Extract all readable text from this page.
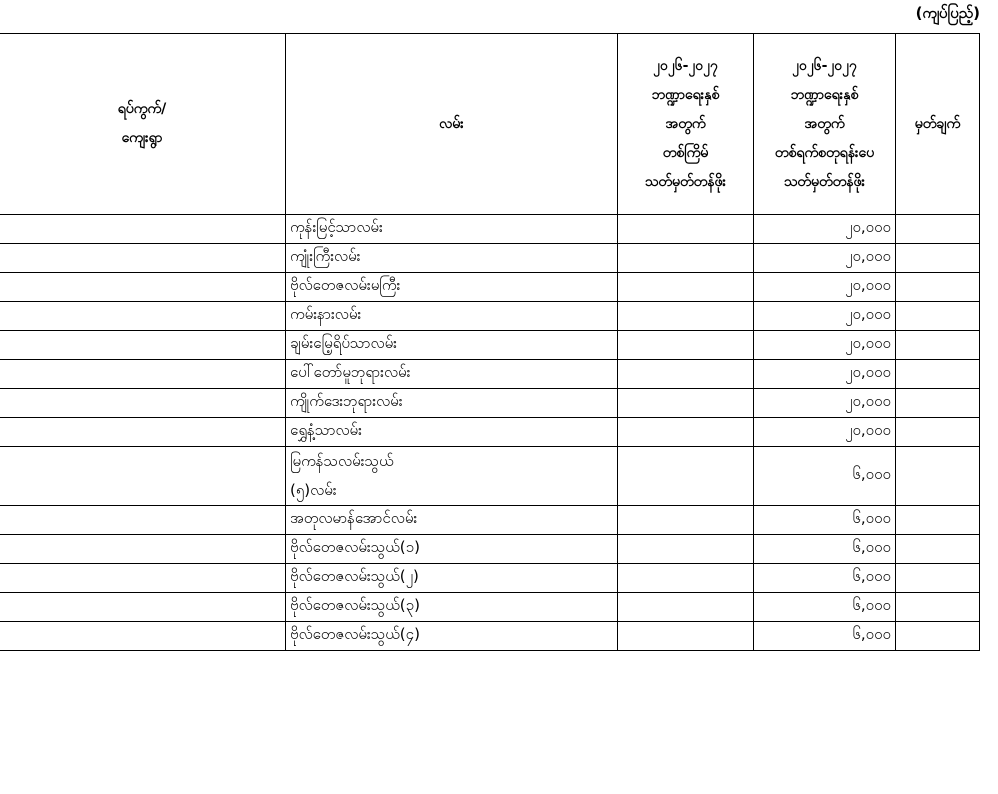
(ကျပ်ပြည့်)
ရပ်ကွက်/
ကျေးရွာ	လမ်း	၂၀၂၆-၂၀၂၇
ဘဏ္ဍာရေးနှစ်
အတွက်
တစ်ကြိမ်
သတ်မှတ်တန်ဖိုး	၂၀၂၆-၂၀၂၇
ဘဏ္ဍာရေးနှစ်
အတွက်
တစ်ရက်စတုရန်းပေ
သတ်မှတ်တန်ဖိုး	မှတ်ချက်
	ကုန်းမြင့်သာလမ်း		၂၀,၀၀၀	
	ကျုံးကြီးလမ်း		၂၀,၀၀၀	
	ဗိုလ်တေဇလမ်းမကြီး		၂၀,၀၀၀	
	ကမ်းနားလမ်း		၂၀,၀၀၀	
	ချမ်းမြေ့ရိပ်သာလမ်း		၂၀,၀၀၀	
	ပေါ်တော်မူဘုရားလမ်း		၂၀,၀၀၀	
	ကျိုက်ဒေးဘုရားလမ်း		၂၀,၀၀၀	
	ရွှေနံ့သာလမ်း		၂၀,၀၀၀	

	မြကန်သလမ်းသွယ်
(၅)လမ်း		၆,၀၀၀	
	အတုလမာန်အောင်လမ်း		၆,၀၀၀	
	ဗိုလ်တေဇလမ်းသွယ်(၁)		၆,၀၀၀	
	ဗိုလ်တေဇလမ်းသွယ်(၂)		၆,၀၀၀	
	ဗိုလ်တေဇလမ်းသွယ်(၃)		၆,၀၀၀	
	ဗိုလ်တေဇလမ်းသွယ်(၄)		၆,၀၀၀	
